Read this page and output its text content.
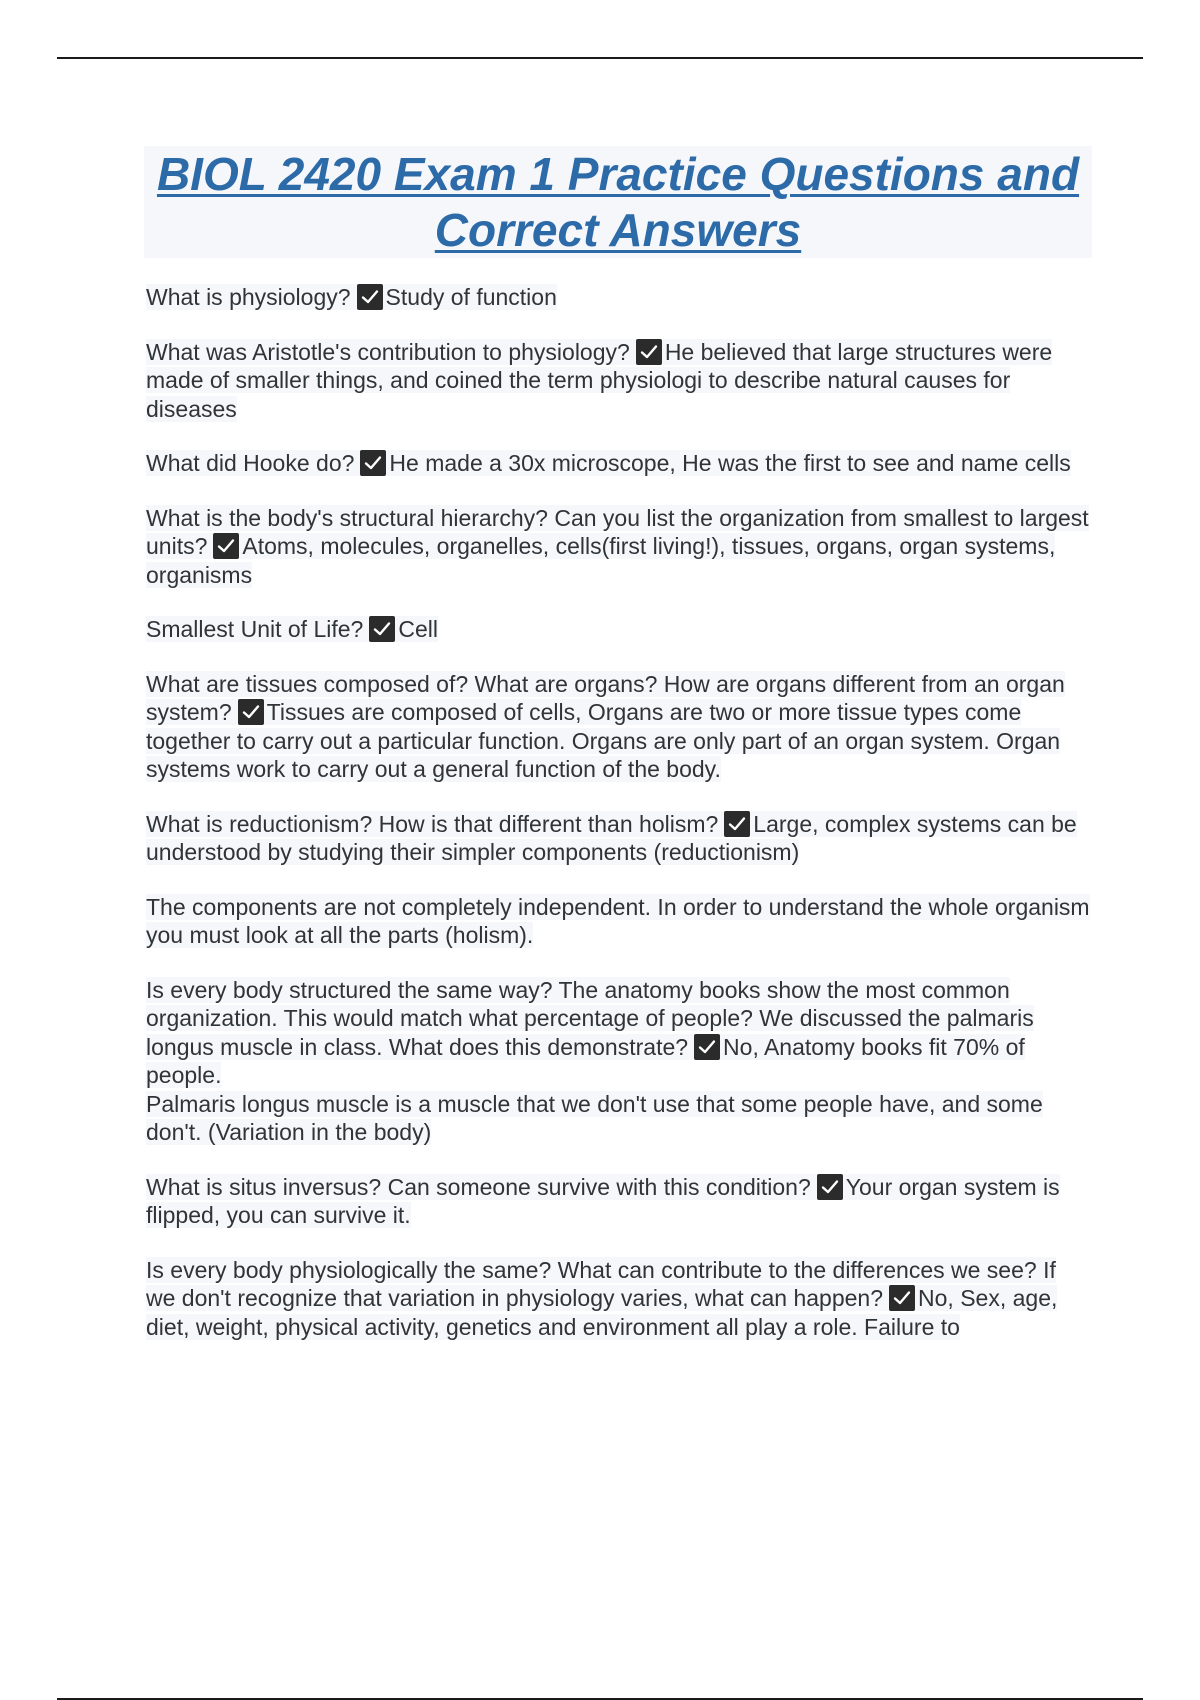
BIOL 2420 Exam 1 Practice Questions and Correct Answers

What is physiology? Study of function

What was Aristotle's contribution to physiology? He believed that large structures were made of smaller things, and coined the term physiologi to describe natural causes for diseases

What did Hooke do? He made a 30x microscope, He was the first to see and name cells

What is the body's structural hierarchy? Can you list the organization from smallest to largest units? Atoms, molecules, organelles, cells(first living!), tissues, organs, organ systems, organisms

Smallest Unit of Life? Cell

What are tissues composed of? What are organs? How are organs different from an organ system? Tissues are composed of cells, Organs are two or more tissue types come together to carry out a particular function. Organs are only part of an organ system. Organ systems work to carry out a general function of the body.

What is reductionism? How is that different than holism? Large, complex systems can be understood by studying their simpler components (reductionism)

The components are not completely independent. In order to understand the whole organism you must look at all the parts (holism).

Is every body structured the same way? The anatomy books show the most common organization. This would match what percentage of people? We discussed the palmaris longus muscle in class. What does this demonstrate? No, Anatomy books fit 70% of people.
Palmaris longus muscle is a muscle that we don't use that some people have, and some don't. (Variation in the body)

What is situs inversus? Can someone survive with this condition? Your organ system is flipped, you can survive it.

Is every body physiologically the same? What can contribute to the differences we see? If we don't recognize that variation in physiology varies, what can happen? No, Sex, age, diet, weight, physical activity, genetics and environment all play a role. Failure to
